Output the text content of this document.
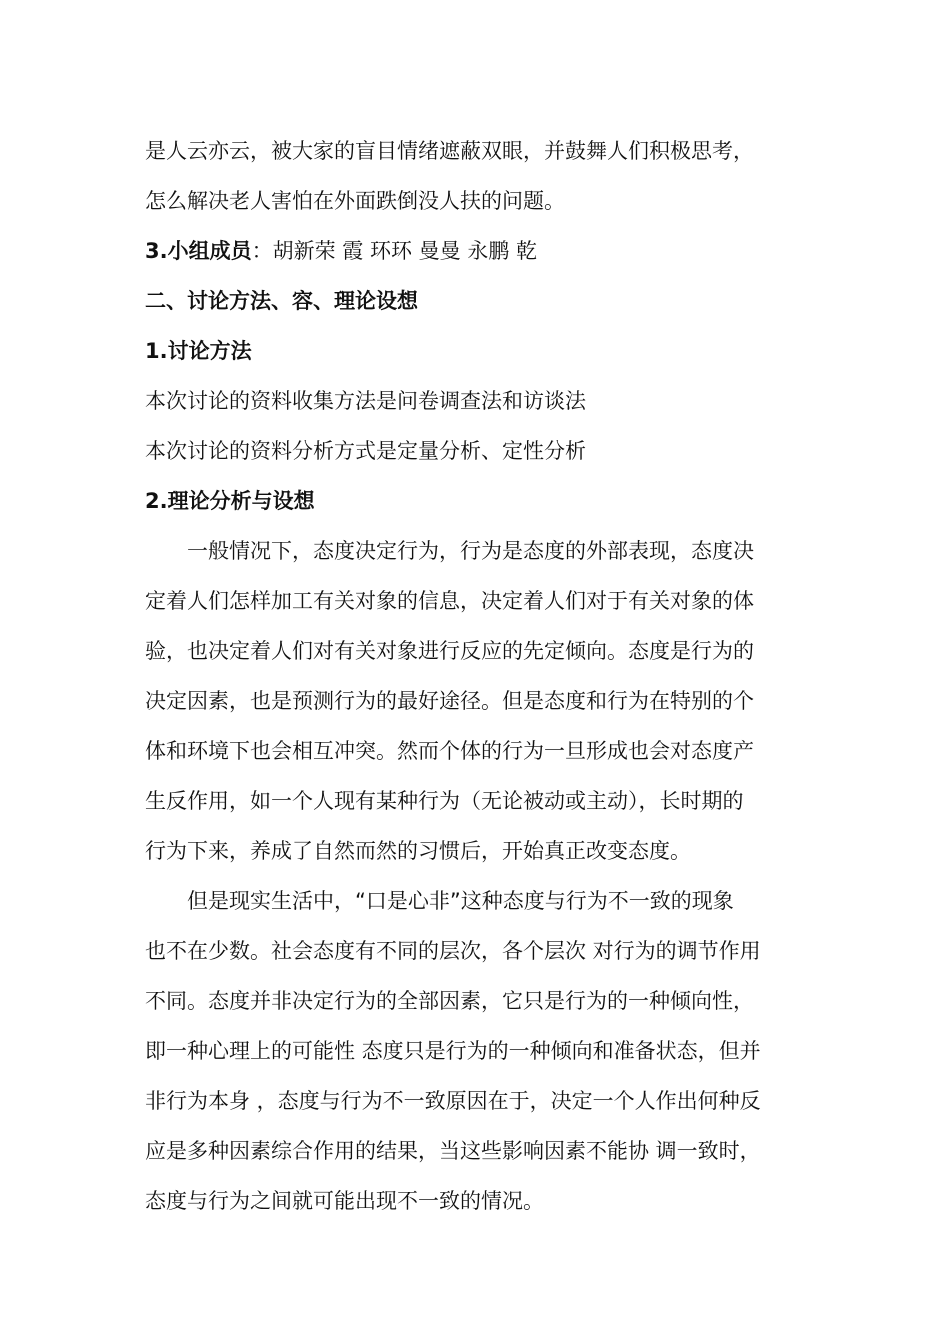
是人云亦云，被大家的盲目情绪遮蔽双眼，并鼓舞人们积极思考，
怎么解决老人害怕在外面跌倒没人扶的问题。
3.小组成员：胡新荣 霞 环环 曼曼 永鹏 乾
二、讨论方法、容、理论设想
1.讨论方法
本次讨论的资料收集方法是问卷调查法和访谈法
本次讨论的资料分析方式是定量分析、定性分析
2.理论分析与设想
一般情况下，态度决定行为，行为是态度的外部表现，态度决
定着人们怎样加工有关对象的信息，决定着人们对于有关对象的体
验，也决定着人们对有关对象进行反应的先定倾向。态度是行为的
决定因素，也是预测行为的最好途径。但是态度和行为在特别的个
体和环境下也会相互冲突。然而个体的行为一旦形成也会对态度产
生反作用，如一个人现有某种行为（无论被动或主动），长时期的
行为下来，养成了自然而然的习惯后，开始真正改变态度。
但是现实生活中，“口是心非”这种态度与行为不一致的现象
也不在少数。社会态度有不同的层次，各个层次 对行为的调节作用
不同。态度并非决定行为的全部因素，它只是行为的一种倾向性，
即一种心理上的可能性 态度只是行为的一种倾向和准备状态，但并
非行为本身 ，态度与行为不一致原因在于，决定一个人作出何种反
应是多种因素综合作用的结果，当这些影响因素不能协 调一致时，
态度与行为之间就可能出现不一致的情况。
